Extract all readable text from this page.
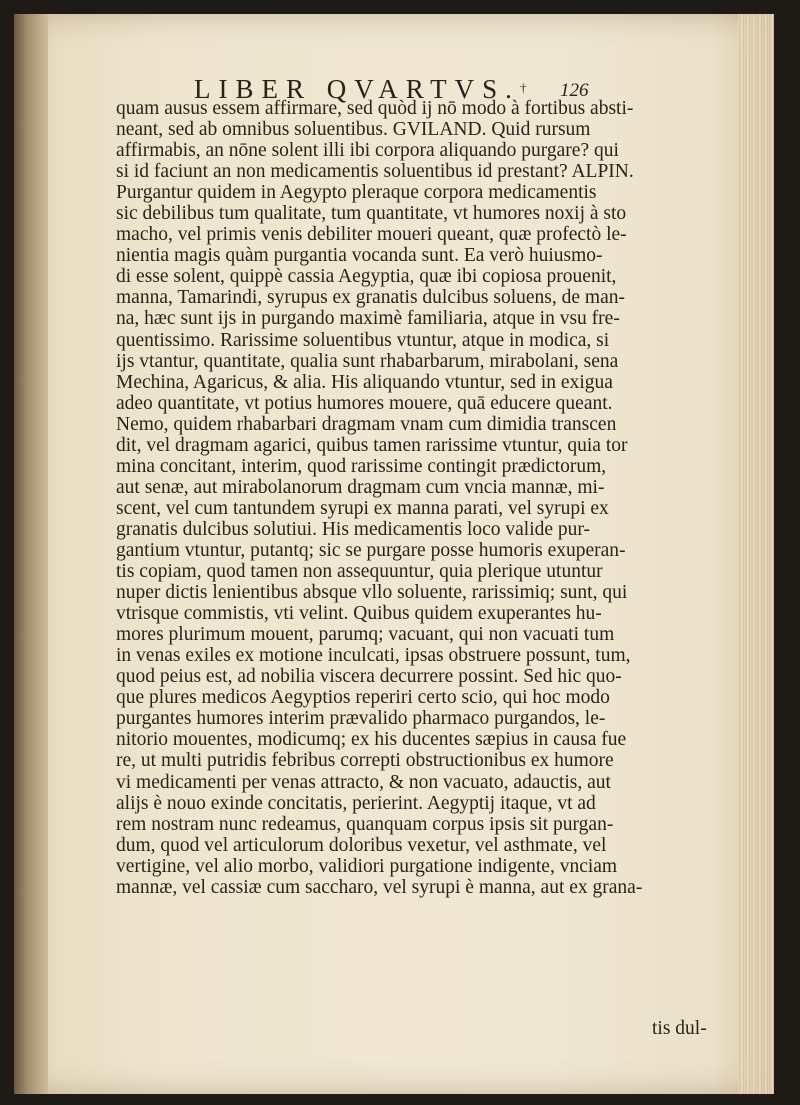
LIBER QVARTVS. † 126
quam ausus essem affirmare, sed quòd ij nō modo à fortibus absti-
neant, sed ab omnibus soluentibus. GVILAND. Quid rursum
affirmabis, an nōne solent illi ibi corpora aliquando purgare? qui
si id faciunt an non medicamentis soluentibus id prestant? ALPIN.
Purgantur quidem in Aegypto pleraque corpora medicamentis
sic debilibus tum qualitate, tum quantitate, vt humores noxij à sto
macho, vel primis venis debiliter moueri queant, quæ profectò le-
nientia magis quàm purgantia vocanda sunt. Ea verò huiusmo-
di esse solent, quippè cassia Aegyptia, quæ ibi copiosa prouenit,
manna, Tamarindi, syrupus ex granatis dulcibus soluens, de man-
na, hæc sunt ijs in purgando maximè familiaria, atque in vsu fre-
quentissimo. Rarissime soluentibus vtuntur, atque in modica, si
ijs vtantur, quantitate, qualia sunt rhabarbarum, mirabolani, sena
Mechina, Agaricus, & alia. His aliquando vtuntur, sed in exigua
adeo quantitate, vt potius humores mouere, quā educere queant.
Nemo, quidem rhabarbari dragmam vnam cum dimidia transcen
dit, vel dragmam agarici, quibus tamen rarissime vtuntur, quia tor
mina concitant, interim, quod rarissime contingit prædictorum,
aut senæ, aut mirabolanorum dragmam cum vncia mannæ, mi-
scent, vel cum tantundem syrupi ex manna parati, vel syrupi ex
granatis dulcibus solutiui. His medicamentis loco valide pur-
gantium vtuntur, putantq; sic se purgare posse humoris exuperan-
tis copiam, quod tamen non assequuntur, quia plerique utuntur
nuper dictis lenientibus absque vllo soluente, rarissimiq; sunt, qui
vtrisque commistis, vti velint. Quibus quidem exuperantes hu-
mores plurimum mouent, parumq; vacuant, qui non vacuati tum
in venas exiles ex motione inculcati, ipsas obstruere possunt, tum,
quod peius est, ad nobilia viscera decurrere possint. Sed hic quo-
que plures medicos Aegyptios reperiri certo scio, qui hoc modo
purgantes humores interim prævalido pharmaco purgandos, le-
nitorio mouentes, modicumq; ex his ducentes sæpius in causa fue
re, ut multi putridis febribus correpti obstructionibus ex humore
vi medicamenti per venas attracto, & non vacuato, adauctis, aut
alijs è nouo exinde concitatis, perierint. Aegyptij itaque, vt ad
rem nostram nunc redeamus, quanquam corpus ipsis sit purgan-
dum, quod vel articulorum doloribus vexetur, vel asthmate, vel
vertigine, vel alio morbo, validiori purgatione indigente, vnciam
mannæ, vel cassiæ cum saccharo, vel syrupi è manna, aut ex grana-
tis dul-
